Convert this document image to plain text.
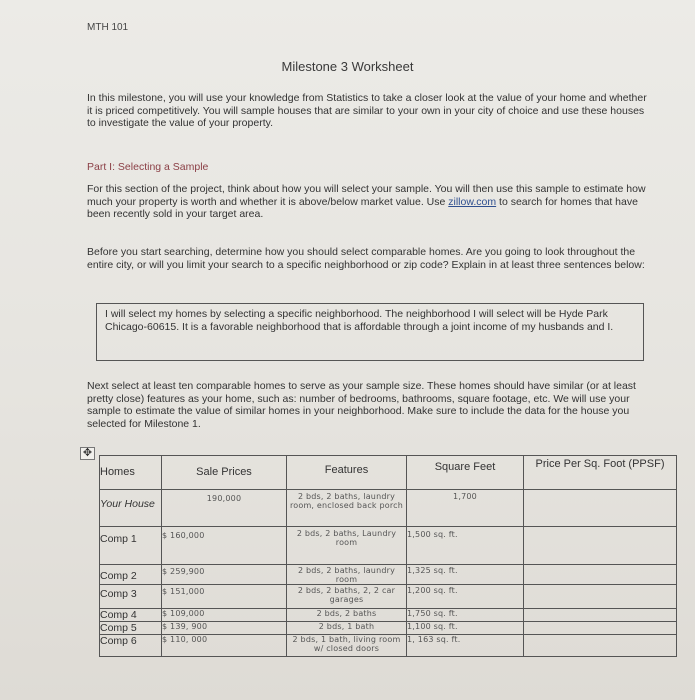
MTH 101
Milestone 3 Worksheet
In this milestone, you will use your knowledge from Statistics to take a closer look at the value of your home and whether it is priced competitively. You will sample houses that are similar to your own in your city of choice and use these houses to investigate the value of your property.
Part I: Selecting a Sample
For this section of the project, think about how you will select your sample. You will then use this sample to estimate how much your property is worth and whether it is above/below market value. Use zillow.com to search for homes that have been recently sold in your target area.
Before you start searching, determine how you should select comparable homes. Are you going to look throughout the entire city, or will you limit your search to a specific neighborhood or zip code? Explain in at least three sentences below:
I will select my homes by selecting a specific neighborhood. The neighborhood I will select will be Hyde Park Chicago-60615. It is a favorable neighborhood that is affordable through a joint income of my husbands and I.
Next select at least ten comparable homes to serve as your sample size. These homes should have similar (or at least pretty close) features as your home, such as: number of bedrooms, bathrooms, square footage, etc. We will use your sample to estimate the value of similar homes in your neighborhood. Make sure to include the data for the house you selected for Milestone 1.
✥
Homes	Sale Prices	Features	Square Feet	Price Per Sq. Foot (PPSF)
Your House	190,000	2 bds, 2 baths, laundry room, enclosed back porch	1,700	
Comp 1	$ 160,000	2 bds, 2 baths, Laundry room	1,500 sq. ft.	
Comp 2	$ 259,900	2 bds, 2 baths, laundry room	1,325 sq. ft.	
Comp 3	$ 151,000	2 bds, 2 baths, 2, 2 car garages	1,200 sq. ft.	
Comp 4	$ 109,000	2 bds, 2 baths	1,750 sq. ft.	
Comp 5	$ 139, 900	2 bds, 1 bath	1,100 sq. ft.	
Comp 6	$ 110, 000	2 bds, 1 bath, living room w/ closed doors	1, 163 sq. ft.	
